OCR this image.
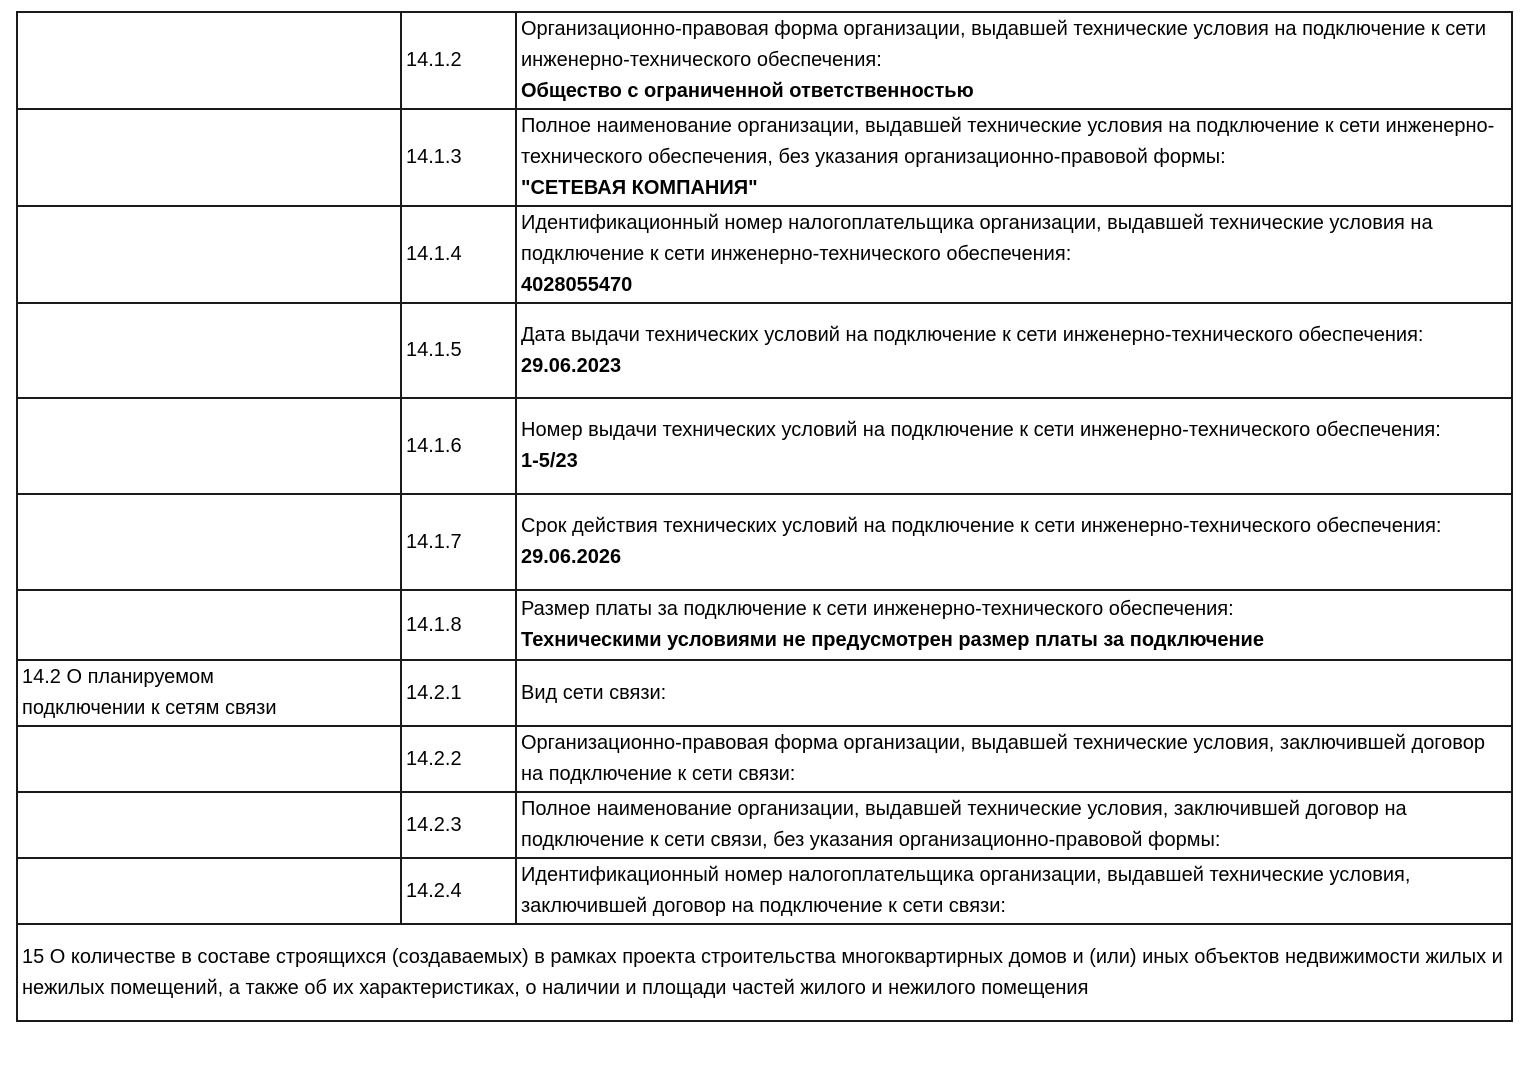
	14.1.2	Организационно-правовая форма организации, выдавшей технические условия на подключение к сети инженерно-технического обеспечения:
Общество с ограниченной ответственностью

	14.1.3	Полное наименование организации, выдавшей технические условия на подключение к сети инженерно-технического обеспечения, без указания организационно-правовой формы:
"СЕТЕВАЯ КОМПАНИЯ"

	14.1.4	Идентификационный номер налогоплательщика организации, выдавшей технические условия на подключение к сети инженерно-технического обеспечения:
4028055470

	14.1.5	Дата выдачи технических условий на подключение к сети инженерно-технического обеспечения:
29.06.2023

	14.1.6	Номер выдачи технических условий на подключение к сети инженерно-технического обеспечения:
1-5/23

	14.1.7	Срок действия технических условий на подключение к сети инженерно-технического обеспечения:
29.06.2026

	14.1.8	Размер платы за подключение к сети инженерно-технического обеспечения:
Техническими условиями не предусмотрен размер платы за подключение

14.2 О планируемом подключении к сетям связи	14.2.1	Вид сети связи:

	14.2.2	Организационно-правовая форма организации, выдавшей технические условия, заключившей договор на подключение к сети связи:

	14.2.3	Полное наименование организации, выдавшей технические условия, заключившей договор на подключение к сети связи, без указания организационно-правовой формы:

	14.2.4	Идентификационный номер налогоплательщика организации, выдавшей технические условия, заключившей договор на подключение к сети связи:

15 О количестве в составе строящихся (создаваемых) в рамках проекта строительства многоквартирных домов и (или) иных объектов недвижимости жилых и нежилых помещений, а также об их характеристиках, о наличии и площади частей жилого и нежилого помещения		
